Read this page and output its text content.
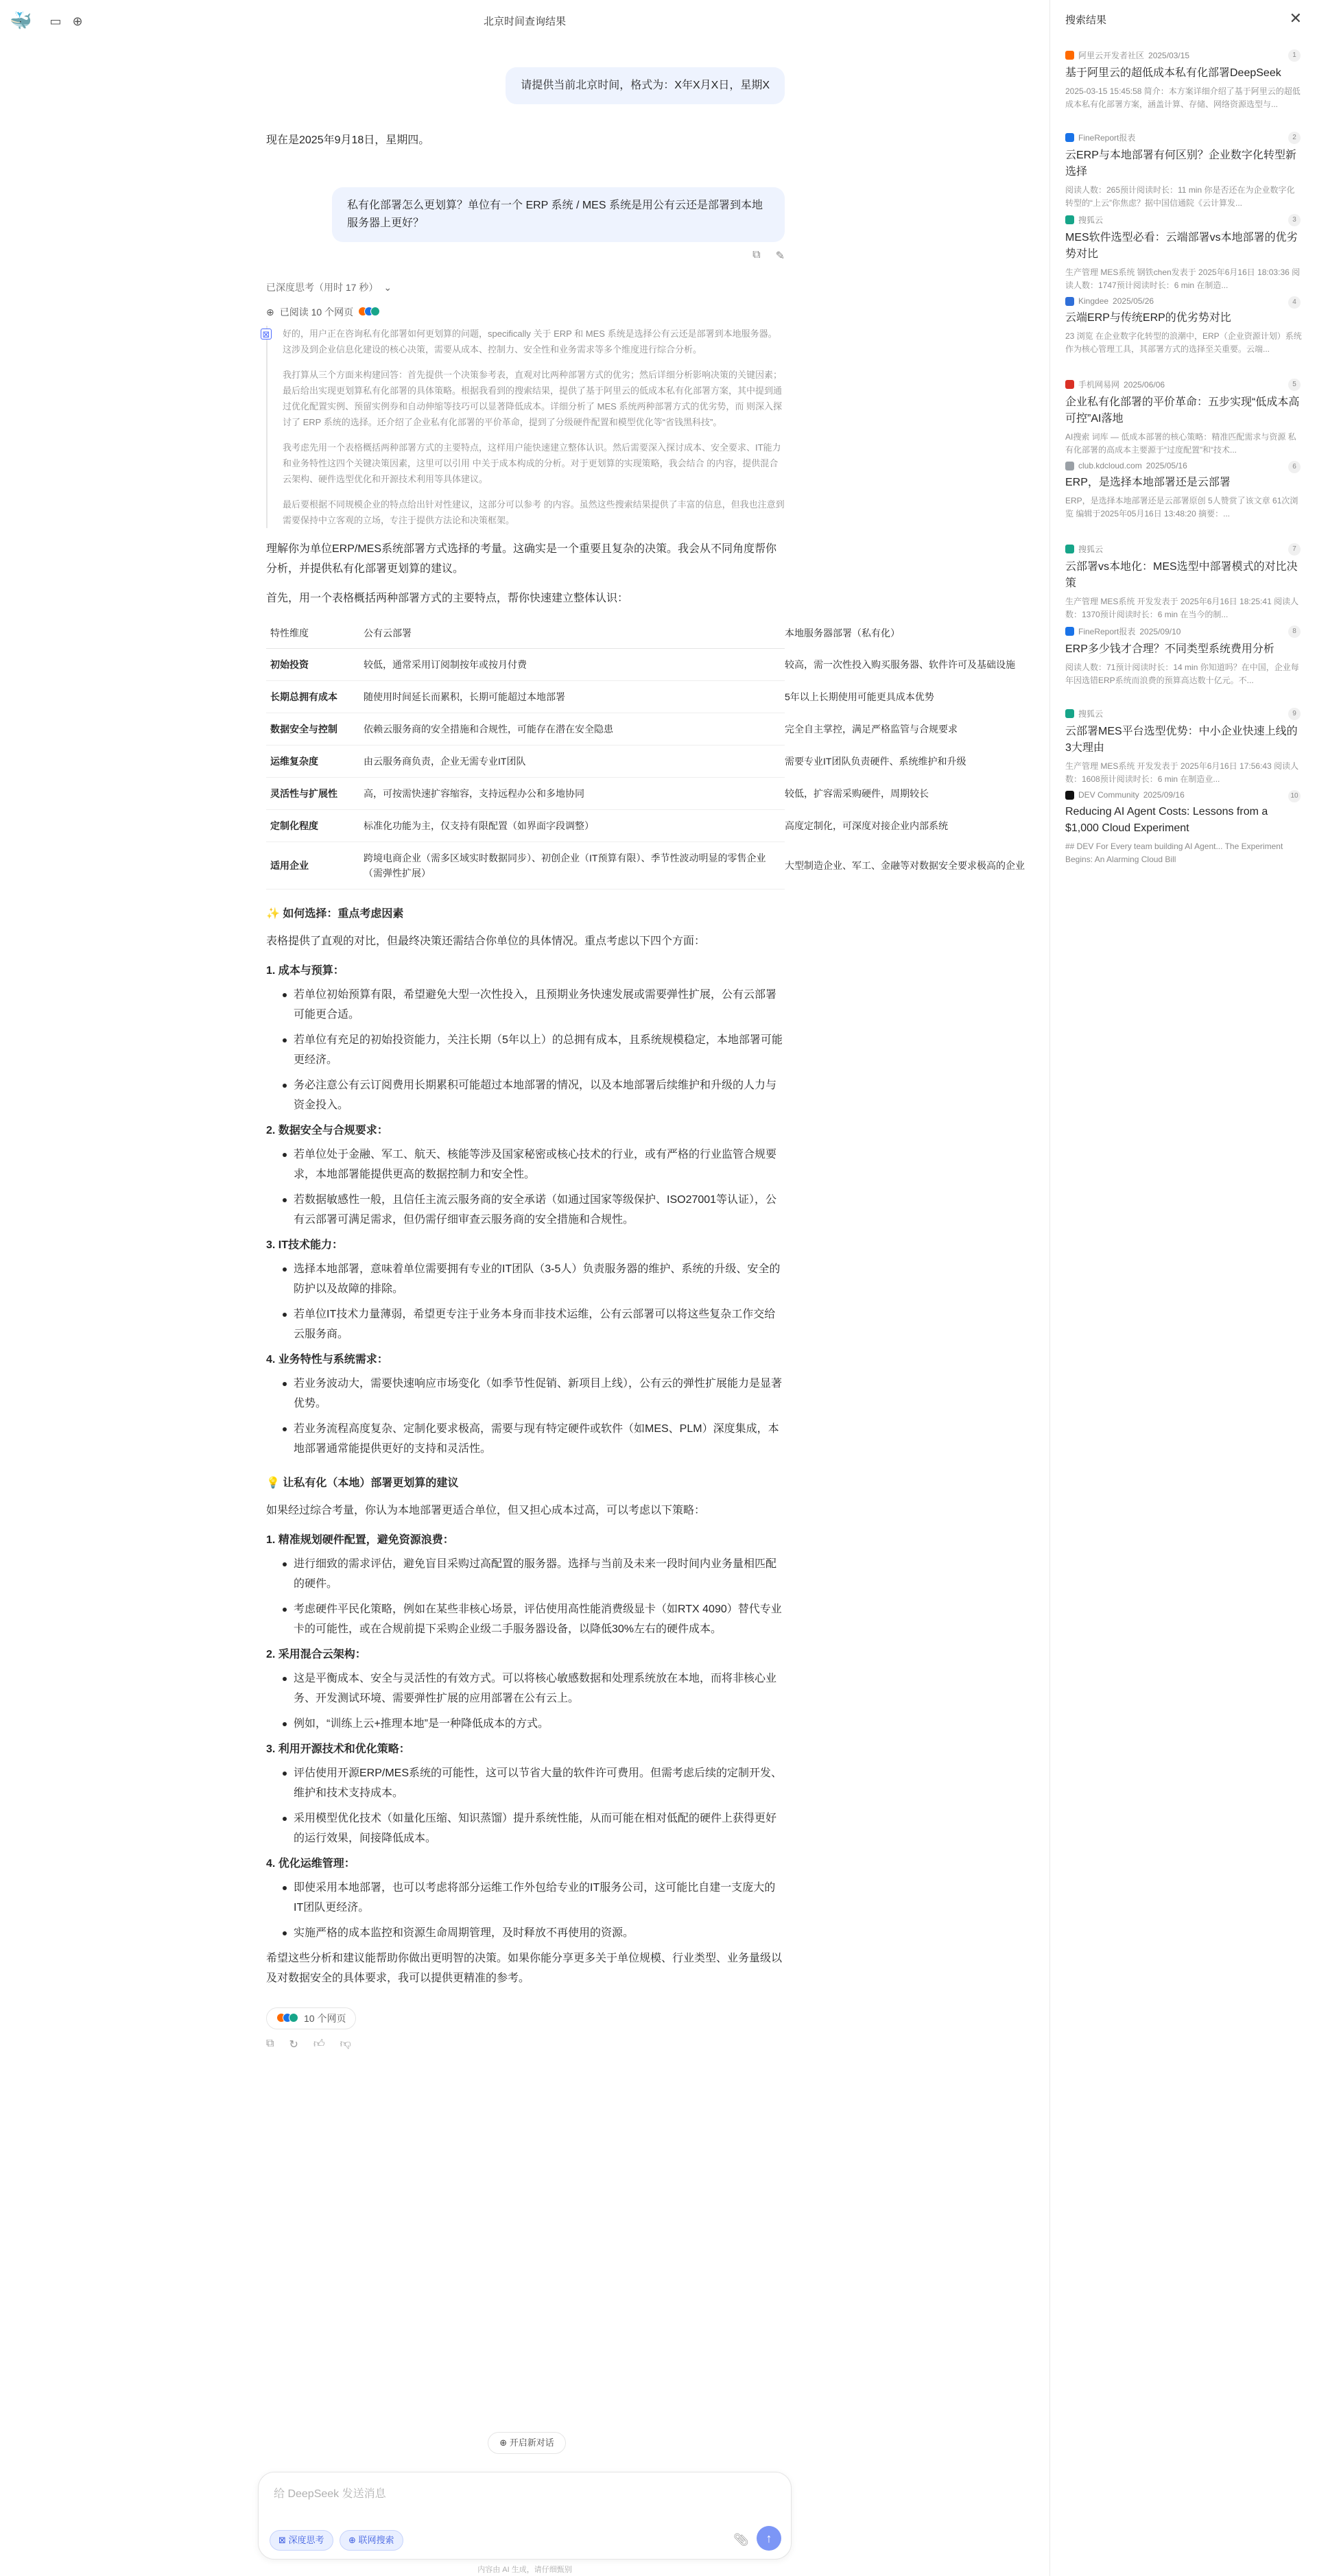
🐳 ▭ ⊕	北京时间查询结果
请提供当前北京时间，格式为：X年X月X日，星期X

现在是2025年9月18日，星期四。

私有化部署怎么更划算？单位有一个 ERP 系统 / MES 系统是用公有云还是部署到本地服务器上更好？
⧉ ✎
已深度思考（用时 17 秒） ⌄
⊕ 已阅读 10 个网页
⊠ 好的，用户正在咨询私有化部署如何更划算的问题，specifically 关于 ERP 和 MES 系统是选择公有云还是部署到本地服务器。这涉及到企业信息化建设的核心决策，需要从成本、控制力、安全性和业务需求等多个维度进行综合分析。

我打算从三个方面来构建回答：首先提供一个决策参考表，直观对比两种部署方式的优劣；然后详细分析影响决策的关键因素；最后给出实现更划算私有化部署的具体策略。根据我看到的搜索结果，提供了基于阿里云的低成本私有化部署方案，其中提到通过优化配置实例、预留实例券和自动伸缩等技巧可以显著降低成本。详细分析了 MES 系统两种部署方式的优劣势，而 则深入探讨了 ERP 系统的选择。还介绍了企业私有化部署的平价革命，提到了分级硬件配置和模型优化等“省钱黑科技”。

我考虑先用一个表格概括两种部署方式的主要特点，这样用户能快速建立整体认识。然后需要深入探讨成本、安全要求、IT能力和业务特性这四个关键决策因素，这里可以引用 中关于成本构成的分析。对于更划算的实现策略，我会结合 的内容，提供混合云架构、硬件选型优化和开源技术利用等具体建议。

最后要根据不同规模企业的特点给出针对性建议，这部分可以参考 的内容。虽然这些搜索结果提供了丰富的信息，但我也注意到需要保持中立客观的立场，专注于提供方法论和决策框架。

理解你为单位ERP/MES系统部署方式选择的考量。这确实是一个重要且复杂的决策。我会从不同角度帮你分析，并提供私有化部署更划算的建议。

首先，用一个表格概括两种部署方式的主要特点，帮你快速建立整体认识：

特性维度	公有云部署	本地服务器部署（私有化）
初始投资	较低，通常采用订阅制按年或按月付费	较高，需一次性投入购买服务器、软件许可及基础设施
长期总拥有成本	随使用时间延长而累积，长期可能超过本地部署	5年以上长期使用可能更具成本优势
数据安全与控制	依赖云服务商的安全措施和合规性，可能存在潜在安全隐患	完全自主掌控，满足严格监管与合规要求
运维复杂度	由云服务商负责，企业无需专业IT团队	需要专业IT团队负责硬件、系统维护和升级
灵活性与扩展性	高，可按需快速扩容缩容，支持远程办公和多地协同	较低，扩容需采购硬件，周期较长
定制化程度	标准化功能为主，仅支持有限配置（如界面字段调整）	高度定制化，可深度对接企业内部系统
适用企业	跨境电商企业（需多区域实时数据同步）、初创企业（IT预算有限）、季节性波动明显的零售企业（需弹性扩展）	大型制造企业、军工、金融等对数据安全要求极高的企业
✨ 如何选择：重点考虑因素

表格提供了直观的对比，但最终决策还需结合你单位的具体情况。重点考虑以下四个方面：

1. 成本与预算：
若单位初始预算有限，希望避免大型一次性投入，且预期业务快速发展或需要弹性扩展，公有云部署可能更合适。
若单位有充足的初始投资能力，关注长期（5年以上）的总拥有成本，且系统规模稳定，本地部署可能更经济。
务必注意公有云订阅费用长期累积可能超过本地部署的情况，以及本地部署后续维护和升级的人力与资金投入。
2. 数据安全与合规要求：
若单位处于金融、军工、航天、核能等涉及国家秘密或核心技术的行业，或有严格的行业监管合规要求，本地部署能提供更高的数据控制力和安全性。
若数据敏感性一般，且信任主流云服务商的安全承诺（如通过国家等级保护、ISO27001等认证），公有云部署可满足需求，但仍需仔细审查云服务商的安全措施和合规性。
3. IT技术能力：
选择本地部署，意味着单位需要拥有专业的IT团队（3-5人）负责服务器的维护、系统的升级、安全的防护以及故障的排除。
若单位IT技术力量薄弱，希望更专注于业务本身而非技术运维，公有云部署可以将这些复杂工作交给云服务商。
4. 业务特性与系统需求：
若业务波动大，需要快速响应市场变化（如季节性促销、新项目上线），公有云的弹性扩展能力是显著优势。
若业务流程高度复杂、定制化要求极高，需要与现有特定硬件或软件（如MES、PLM）深度集成，本地部署通常能提供更好的支持和灵活性。
💡 让私有化（本地）部署更划算的建议

如果经过综合考量，你认为本地部署更适合单位，但又担心成本过高，可以考虑以下策略：

1. 精准规划硬件配置，避免资源浪费：
进行细致的需求评估，避免盲目采购过高配置的服务器。选择与当前及未来一段时间内业务量相匹配的硬件。
考虑硬件平民化策略，例如在某些非核心场景，评估使用高性能消费级显卡（如RTX 4090）替代专业卡的可能性，或在合规前提下采购企业级二手服务器设备，以降低30%左右的硬件成本。
2. 采用混合云架构：
这是平衡成本、安全与灵活性的有效方式。可以将核心敏感数据和处理系统放在本地，而将非核心业务、开发测试环境、需要弹性扩展的应用部署在公有云上。
例如，“训练上云+推理本地”是一种降低成本的方式。
3. 利用开源技术和优化策略：
评估使用开源ERP/MES系统的可能性，这可以节省大量的软件许可费用。但需考虑后续的定制开发、维护和技术支持成本。
采用模型优化技术（如量化压缩、知识蒸馏）提升系统性能，从而可能在相对低配的硬件上获得更好的运行效果，间接降低成本。
4. 优化运维管理：
即使采用本地部署，也可以考虑将部分运维工作外包给专业的IT服务公司，这可能比自建一支庞大的IT团队更经济。
实施严格的成本监控和资源生命周期管理，及时释放不再使用的资源。

希望这些分析和建议能帮助你做出更明智的决策。如果你能分享更多关于单位规模、行业类型、业务量级以及对数据安全的具体要求，我可以提供更精准的参考。

10 个网页
⧉ ↻ 👍︎ 👎︎
⊕ 开启新对话
给 DeepSeek 发送消息
⊠ 深度思考	⊕ 联网搜索	📎︎	↑
内容由 AI 生成，请仔细甄别
搜索结果	✕
阿里云开发者社区 2025/03/15	1
基于阿里云的超低成本私有化部署DeepSeek
2025-03-15 15:45:58 简介：本方案详细介绍了基于阿里云的超低成本私有化部署方案，涵盖计算、存储、网络资源选型与...
FineReport报表	2
云ERP与本地部署有何区别？企业数字化转型新选择
阅读人数：265预计阅读时长：11 min 你是否还在为企业数字化转型的“上云”你焦虑？据中国信通院《云计算发...
搜狐云	3
MES软件选型必看：云端部署vs本地部署的优劣势对比
生产管理 MES系统 钢铁chen发表于 2025年6月16日 18:03:36 阅读人数：1747预计阅读时长：6 min 在制造...
Kingdee 2025/05/26	4
云端ERP与传统ERP的优劣势对比
23 浏览 在企业数字化转型的浪潮中，ERP（企业资源计划）系统作为核心管理工具，其部署方式的选择至关重要。云端...
手机网易网 2025/06/06	5
企业私有化部署的平价革命：五步实现“低成本高可控”AI落地
AI搜索 词库 — 低成本部署的核心策略：精准匹配需求与资源 私有化部署的高成本主要源于“过度配置”和“技术...
club.kdcloud.com 2025/05/16	6
ERP，是选择本地部署还是云部署
ERP，是选择本地部署还是云部署原创 5人赞赏了该文章 61次浏览 编辑于2025年05月16日 13:48:20 摘要：...
搜狐云	7
云部署vs本地化：MES选型中部署模式的对比决策
生产管理 MES系统 开发发表于 2025年6月16日 18:25:41 阅读人数：1370预计阅读时长：6 min 在当今的制...
FineReport报表 2025/09/10	8
ERP多少钱才合理？不同类型系统费用分析
阅读人数：71预计阅读时长：14 min 你知道吗？在中国，企业每年因选错ERP系统而浪费的预算高达数十亿元。不...
搜狐云	9
云部署MES平台选型优势：中小企业快速上线的3大理由
生产管理 MES系统 开发发表于 2025年6月16日 17:56:43 阅读人数：1608预计阅读时长：6 min 在制造业...
DEV Community 2025/09/16	10
Reducing AI Agent Costs: Lessons from a $1,000 Cloud Experiment
## DEV For Every team building AI Agent... The Experiment Begins: An Alarming Cloud Bill
